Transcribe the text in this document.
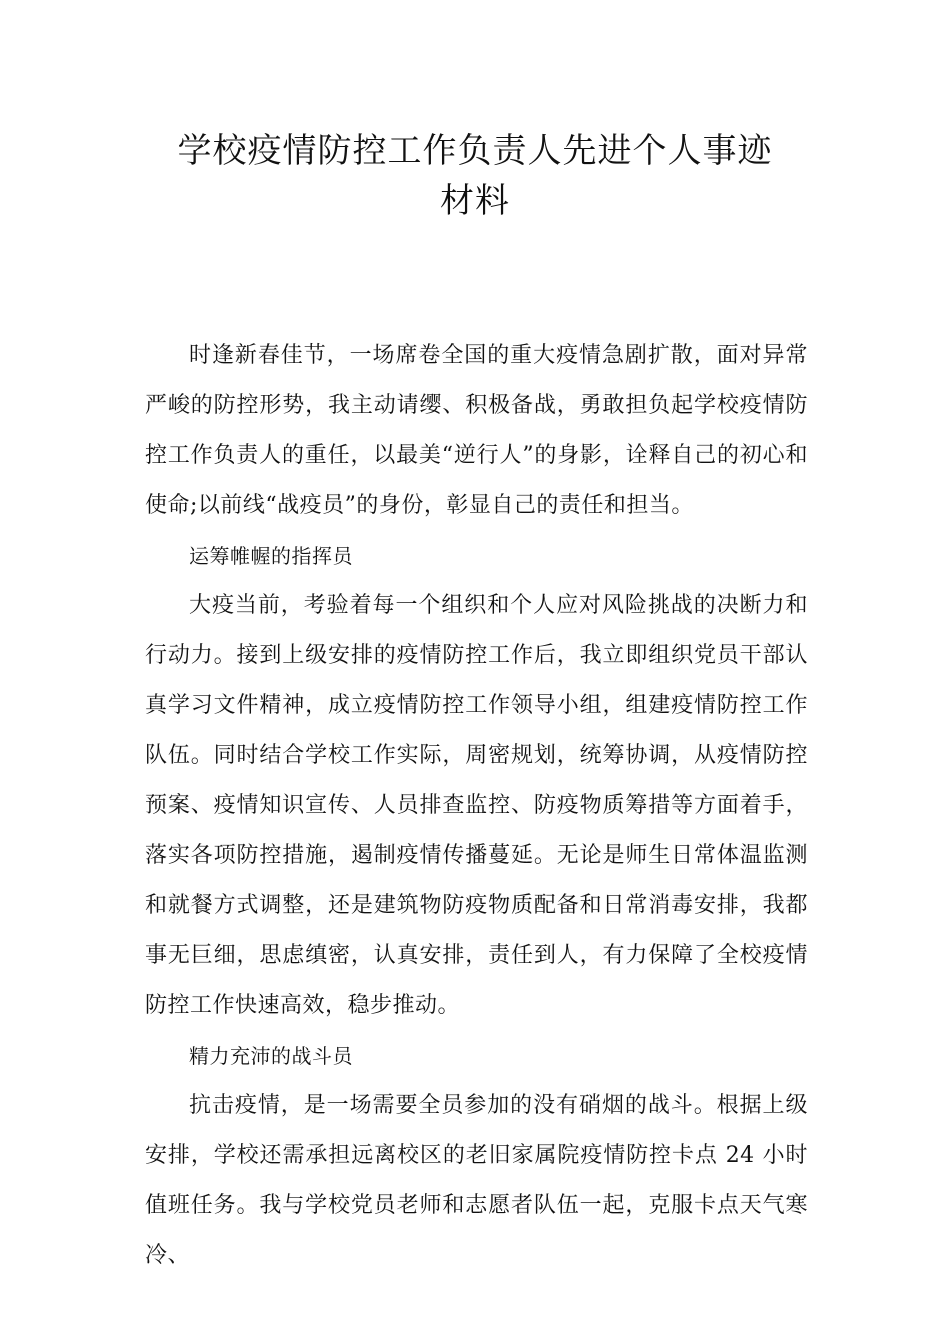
学校疫情防控工作负责人先进个人事迹
材料

时逢新春佳节，一场席卷全国的重大疫情急剧扩散，面对异常严峻的防控形势，我主动请缨、积极备战，勇敢担负起学校疫情防控工作负责人的重任，以最美“逆行人”的身影，诠释自己的初心和使命;以前线“战疫员”的身份，彰显自己的责任和担当。

运筹帷幄的指挥员

大疫当前，考验着每一个组织和个人应对风险挑战的决断力和行动力。接到上级安排的疫情防控工作后，我立即组织党员干部认真学习文件精神，成立疫情防控工作领导小组，组建疫情防控工作队伍。同时结合学校工作实际，周密规划，统筹协调，从疫情防控预案、疫情知识宣传、人员排查监控、防疫物质筹措等方面着手，落实各项防控措施，遏制疫情传播蔓延。无论是师生日常体温监测和就餐方式调整，还是建筑物防疫物质配备和日常消毒安排，我都事无巨细，思虑缜密，认真安排，责任到人，有力保障了全校疫情防控工作快速高效，稳步推动。

精力充沛的战斗员

抗击疫情，是一场需要全员参加的没有硝烟的战斗。根据上级安排，学校还需承担远离校区的老旧家属院疫情防控卡点 24 小时值班任务。我与学校党员老师和志愿者队伍一起，克服卡点天气寒冷、
